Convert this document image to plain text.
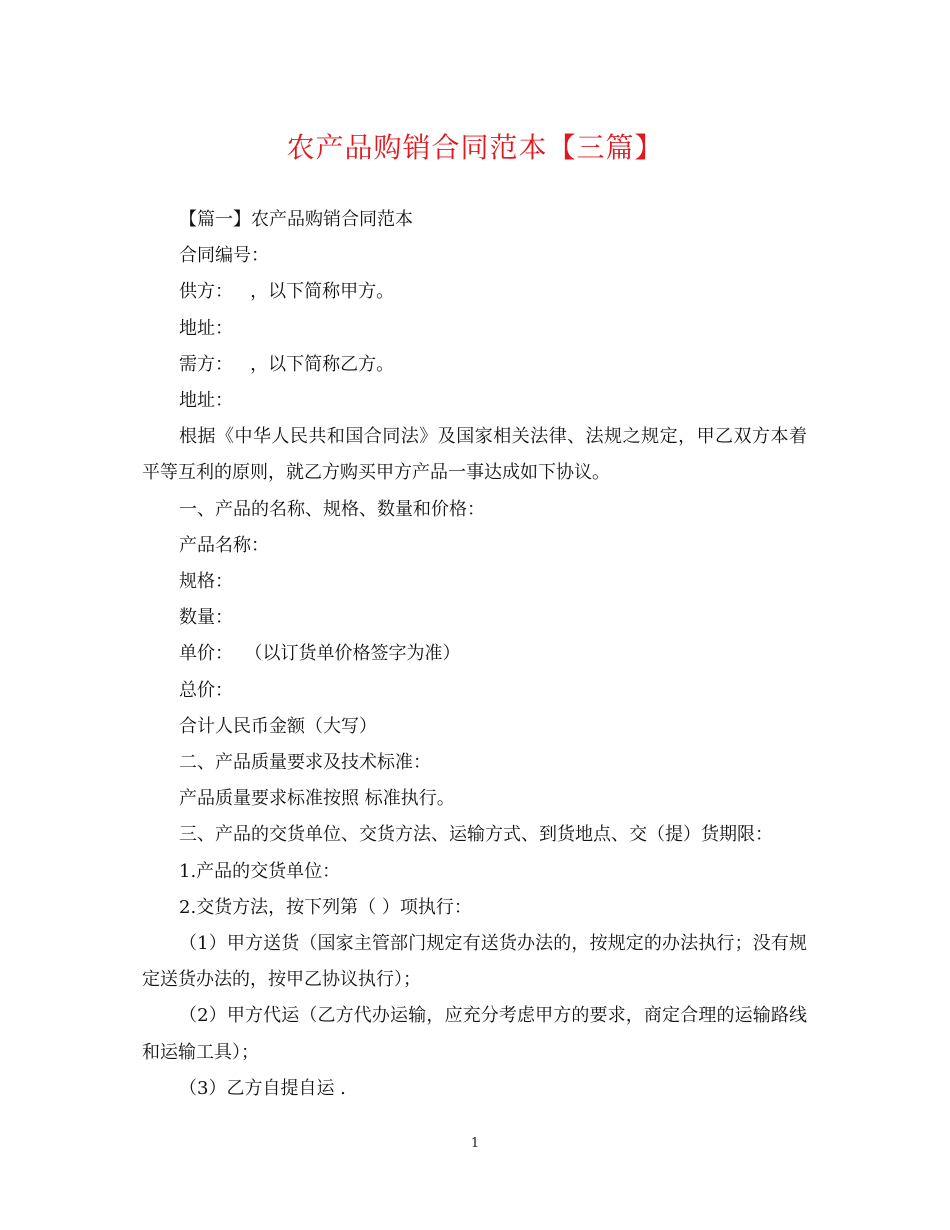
农产品购销合同范本【三篇】

【篇一】农产品购销合同范本

合同编号：

供方：   ，以下简称甲方。

地址：

需方：   ，以下简称乙方。

地址：

根据《中华人民共和国合同法》及国家相关法律、法规之规定，甲乙双方本着平等互利的原则，就乙方购买甲方产品一事达成如下协议。

一、产品的名称、规格、数量和价格：

产品名称：

规格：

数量：

单价：  （以订货单价格签字为准）

总价：

合计人民币金额（大写）

二、产品质量要求及技术标准：

产品质量要求标准按照 标准执行。

三、产品的交货单位、交货方法、运输方式、到货地点、交（提）货期限：

1.产品的交货单位：

2.交货方法，按下列第（ ）项执行：

（1）甲方送货（国家主管部门规定有送货办法的，按规定的办法执行；没有规定送货办法的，按甲乙协议执行）；

（2）甲方代运（乙方代办运输，应充分考虑甲方的要求，商定合理的运输路线和运输工具）；

（3）乙方自提自运 .

1
